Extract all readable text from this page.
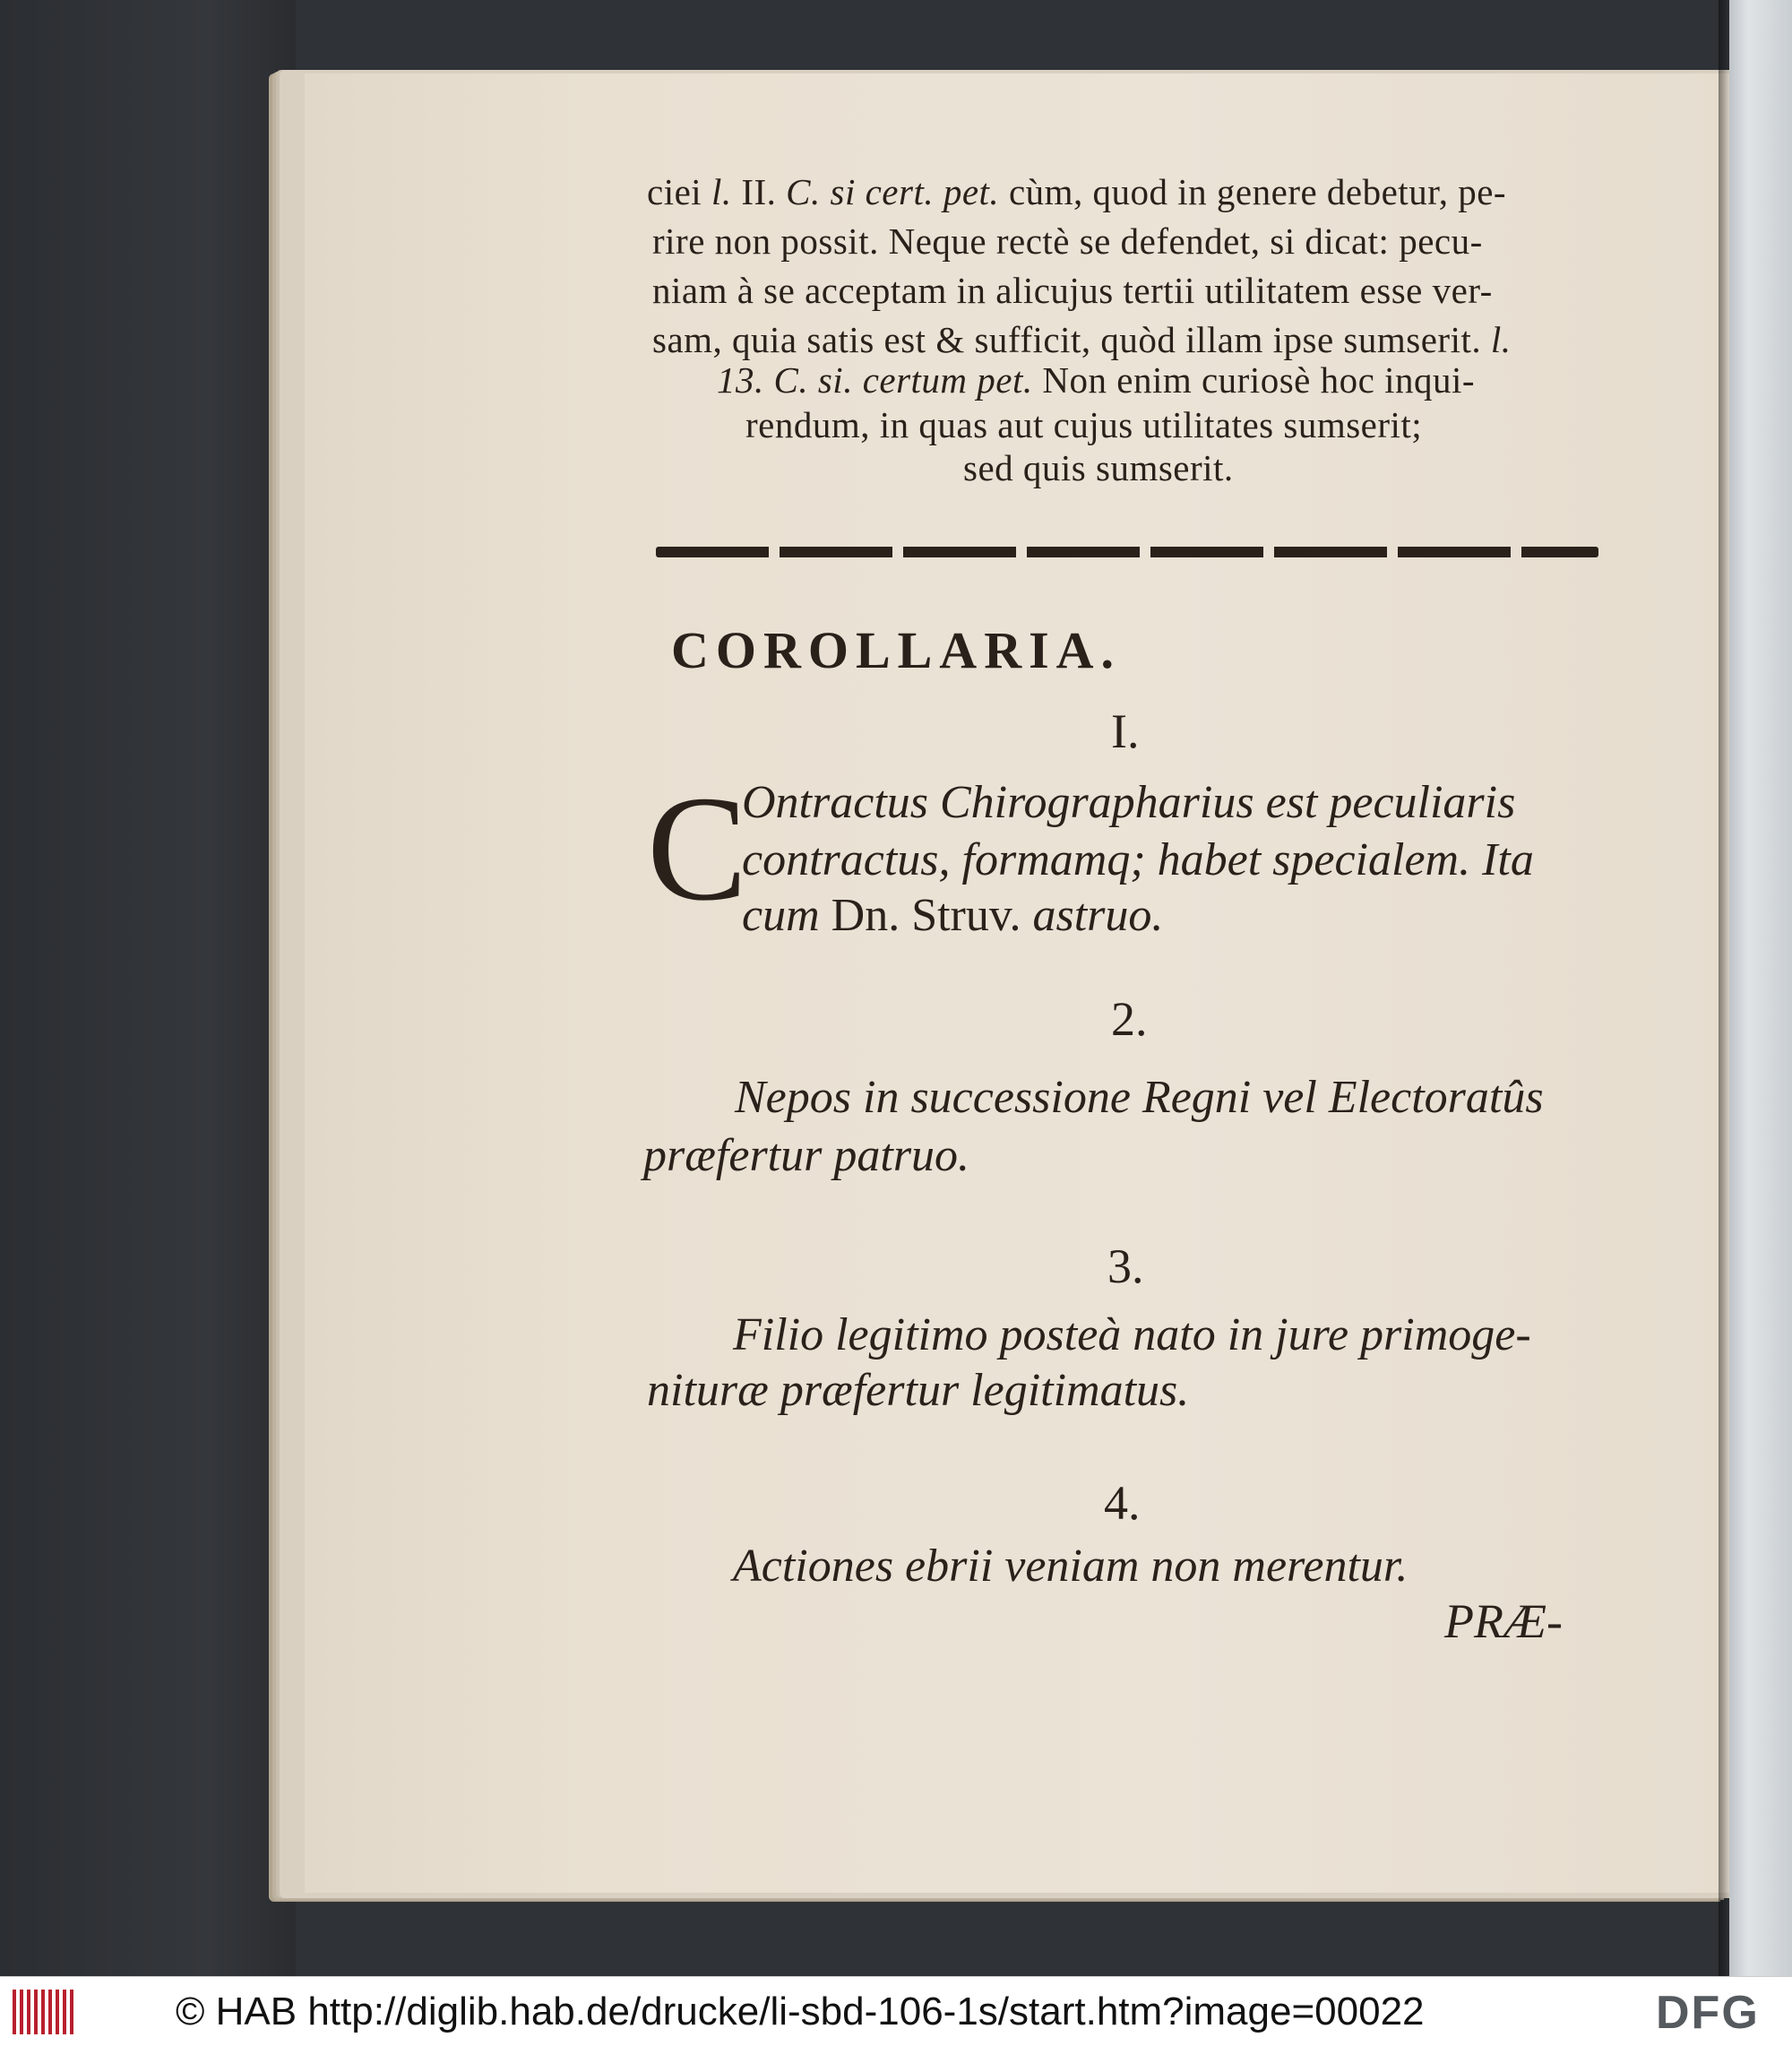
ciei l. II. C. si cert. pet. cùm, quod in genere debetur, pe-
rire non possit. Neque rectè se defendet, si dicat: pecu-
niam à se acceptam in alicujus tertii utilitatem esse ver-
sam, quia satis est & sufficit, quòd illam ipse sumserit. l.
13. C. si. certum pet. Non enim curiosè hoc inqui-
rendum, in quas aut cujus utilitates sumserit;
sed quis sumserit.
COROLLARIA.
I.
C
Ontractus Chirographarius est peculiaris
contractus, formamq; habet specialem. Ita
cum Dn. Struv. astruo.
2.
Nepos in successione Regni vel Electoratûs
præfertur patruo.
3.
Filio legitimo posteà nato in jure primoge-
nituræ præfertur legitimatus.
4.
Actiones ebrii veniam non merentur.
PRÆ-
© HAB http://diglib.hab.de/drucke/li-sbd-106-1s/start.htm?image=00022	DFG
